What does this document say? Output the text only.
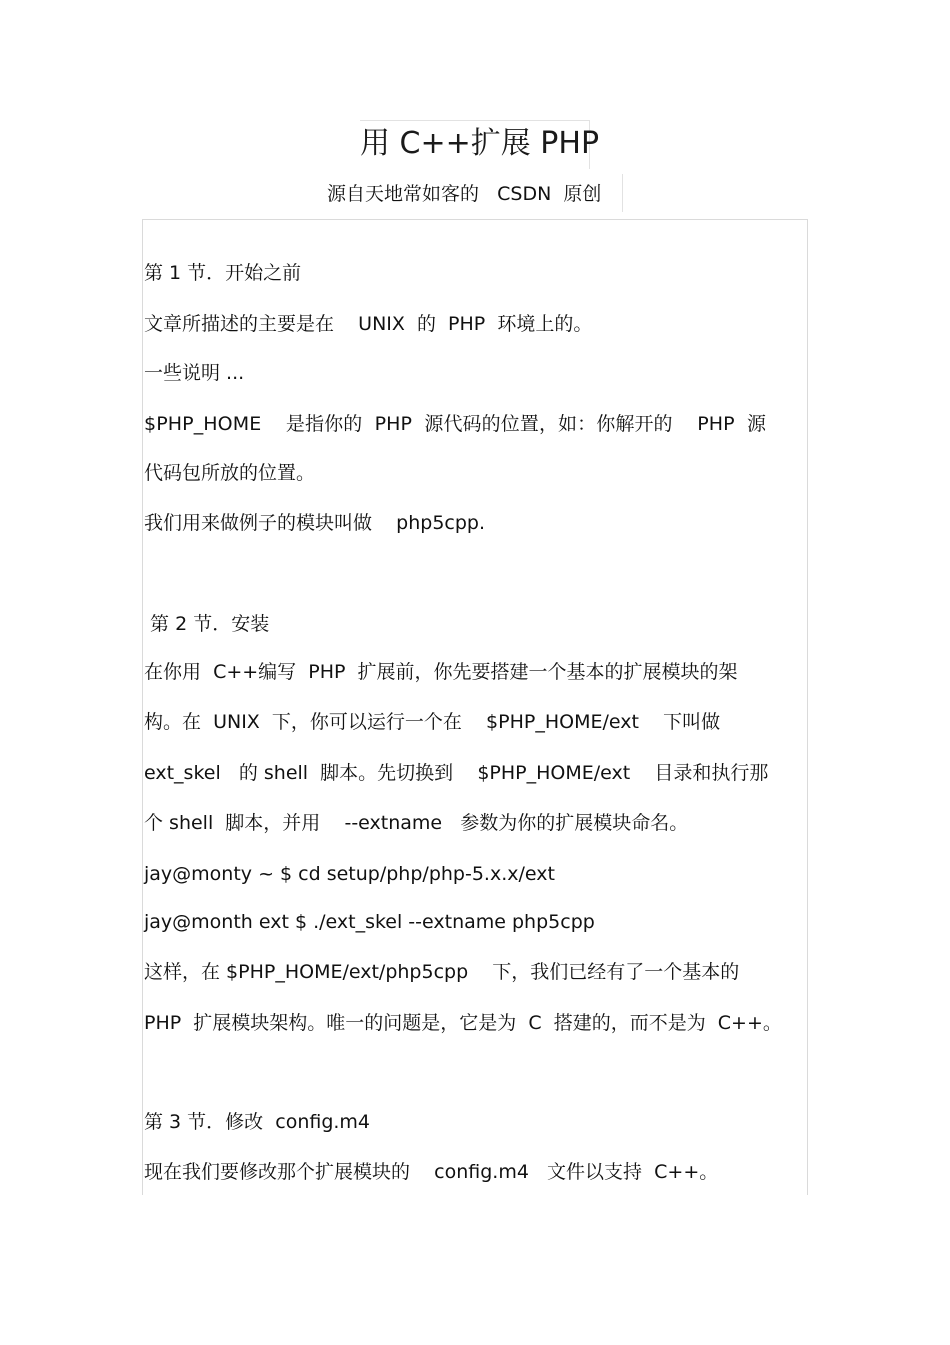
用 C++扩展 PHP
源自天地常如客的   CSDN  原创
第 1 节．开始之前
文章所描述的主要是在    UNIX  的  PHP  环境上的。
一些说明 ...
$PHP_HOME    是指你的  PHP  源代码的位置，如：你解开的    PHP  源
代码包所放的位置。
我们用来做例子的模块叫做    php5cpp.
第 2 节．安装
在你用  C++编写  PHP  扩展前，你先要搭建一个基本的扩展模块的架
构。在  UNIX  下，你可以运行一个在    $PHP_HOME/ext    下叫做
ext_skel   的 shell  脚本。先切换到    $PHP_HOME/ext    目录和执行那
个 shell  脚本，并用    --extname   参数为你的扩展模块命名。
jay@monty ~ $ cd setup/php/php-5.x.x/ext
jay@month ext $ ./ext_skel --extname php5cpp
这样，在 $PHP_HOME/ext/php5cpp    下，我们已经有了一个基本的
PHP  扩展模块架构。唯一的问题是，它是为  C  搭建的，而不是为  C++。
第 3 节．修改  config.m4
现在我们要修改那个扩展模块的    config.m4   文件以支持  C++。
